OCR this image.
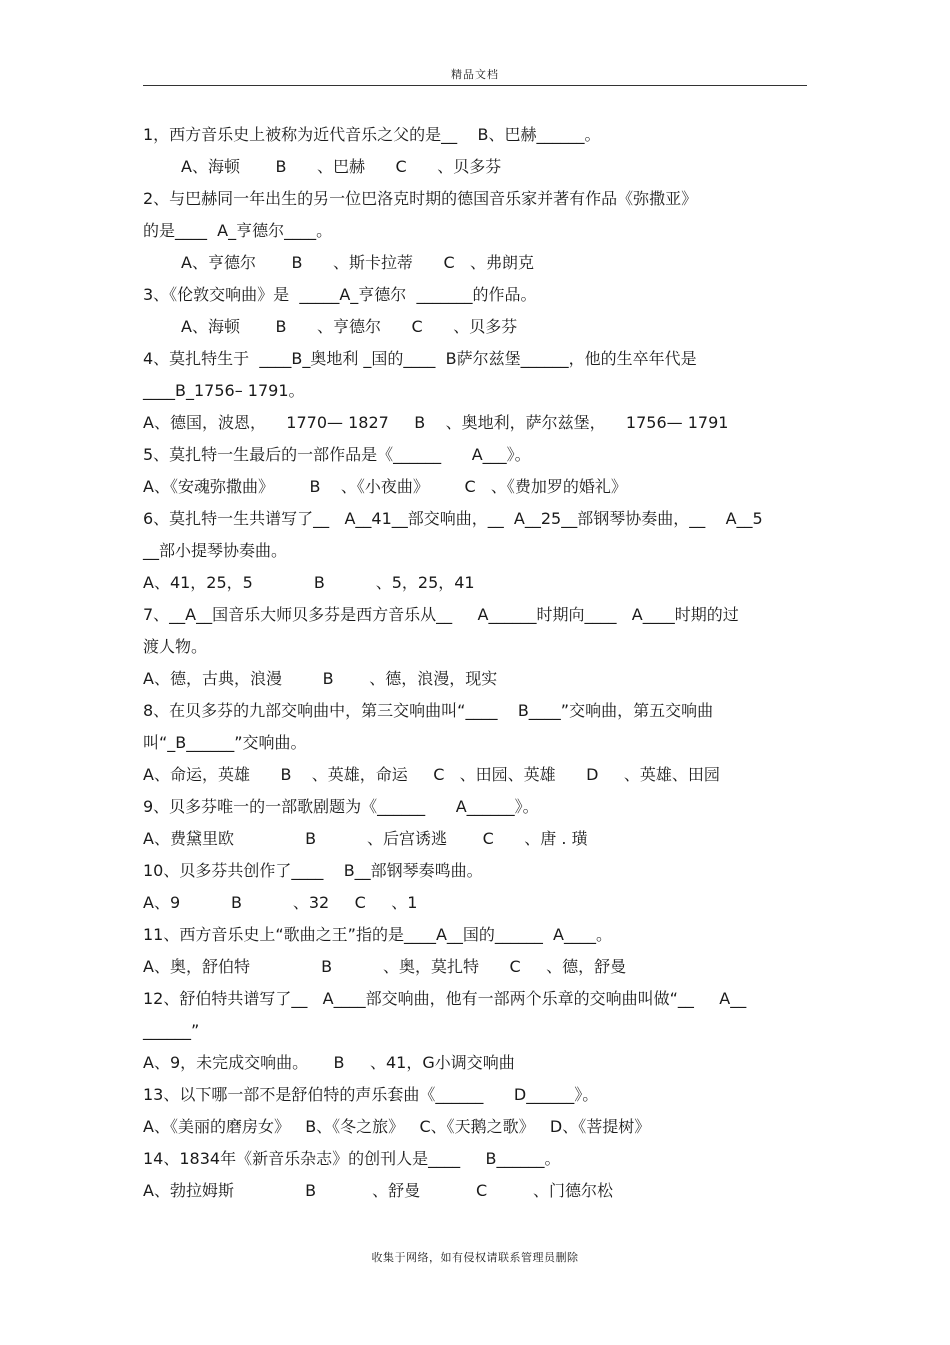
精品文档
1，西方音乐史上被称为近代音乐之父的是__    B、巴赫______。
A、海顿       B      、巴赫      C      、贝多芬
2、与巴赫同一年出生的另一位巴洛克时期的德国音乐家并著有作品《弥撒亚》
的是____  A_亨德尔____。
A、亨德尔       B      、斯卡拉蒂      C   、弗朗克
3、《伦敦交响曲》是  _____A_亨德尔  _______的作品。
A、海顿       B      、亨德尔      C      、贝多芬
4、莫扎特生于  ____B_奥地利 _国的____  B萨尔兹堡______，他的生卒年代是
____B_1756– 1791。
A、德国，波恩，    1770— 1827     B    、奥地利，萨尔兹堡，    1756— 1791
5、莫扎特一生最后的一部作品是《______      A___》。
A、《安魂弥撒曲》       B    、《小夜曲》       C   、《费加罗的婚礼》
6、莫扎特一生共谱写了__   A__41__部交响曲，__  A__25__部钢琴协奏曲，__    A__5
__部小提琴协奏曲。
A、41，25，5            B          、5，25，41
7、__A__国音乐大师贝多芬是西方音乐从__     A______时期向____   A____时期的过
渡人物。
A、德，古典，浪漫        B       、德，浪漫，现实
8、在贝多芬的九部交响曲中，第三交响曲叫“____    B____”交响曲，第五交响曲
叫“_B______”交响曲。
A、命运，英雄      B    、英雄，命运     C   、田园、英雄      D     、英雄、田园
9、贝多芬唯一的一部歌剧题为《______      A______》。
A、费黛里欧              B          、后宫诱逃       C      、唐 . 璜
10、贝多芬共创作了____    B__部钢琴奏鸣曲。
A、9          B          、32     C     、1
11、西方音乐史上“歌曲之王”指的是____A__国的______  A____。
A、奥，舒伯特              B          、奥，莫扎特      C     、德，舒曼
12、舒伯特共谱写了__   A____部交响曲，他有一部两个乐章的交响曲叫做“__     A__
______”
A、9，未完成交响曲。     B     、41，G小调交响曲
13、以下哪一部不是舒伯特的声乐套曲《______      D______》。
A、《美丽的磨房女》   B、《冬之旅》   C、《天鹅之歌》   D、《菩提树》
14、1834年《新音乐杂志》的创刊人是____     B______。
A、勃拉姆斯              B           、舒曼           C         、门德尔松
收集于网络，如有侵权请联系管理员删除
